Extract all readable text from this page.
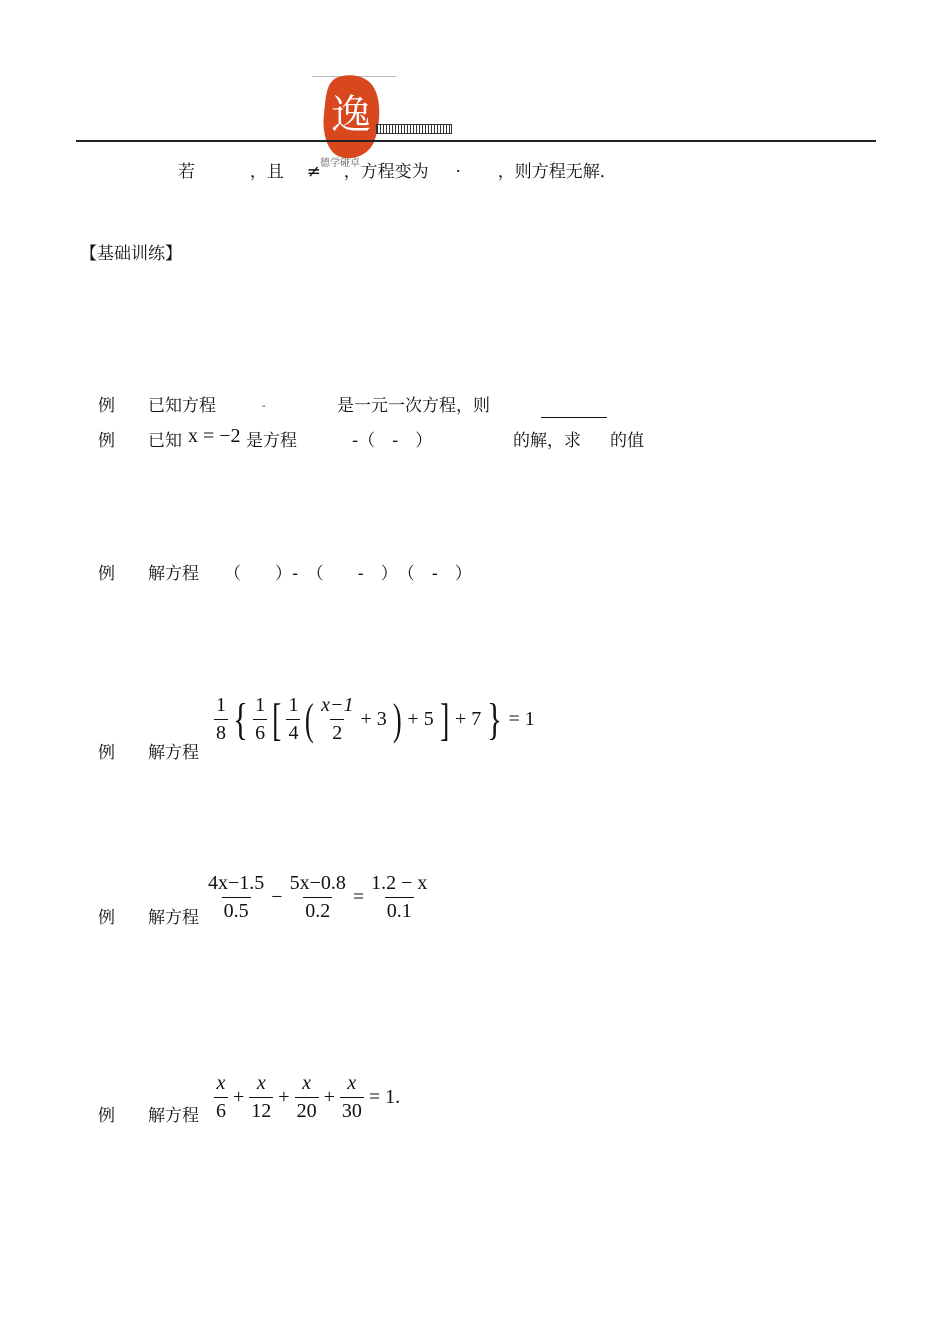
逸
德学碰卓
若	，且 ≠ ，方程变为 · ，则方程无解．
【基础训练】
例 已知方程	-	是一元一次方程，则
例 已知 x = −2 是方程	-（　-　）	的解，求 的值
例 解方程 （　　）-　（　　-　）　（　-　）
例 解方程
$\frac{1}{8}$ { $\frac{1}{6}$ [ $\frac{1}{4}$ ( $\frac{x-1}{2} + 3$ ) + 5 ] + 7 } = 1
例 解方程 $\frac{4x-1.5}{0.5} - \frac{5x-0.8}{0.2} = \frac{1.2 - x}{0.1}$
例 解方程 $\frac{x}{6} + \frac{x}{12} + \frac{x}{20} + \frac{x}{30} = 1$.
